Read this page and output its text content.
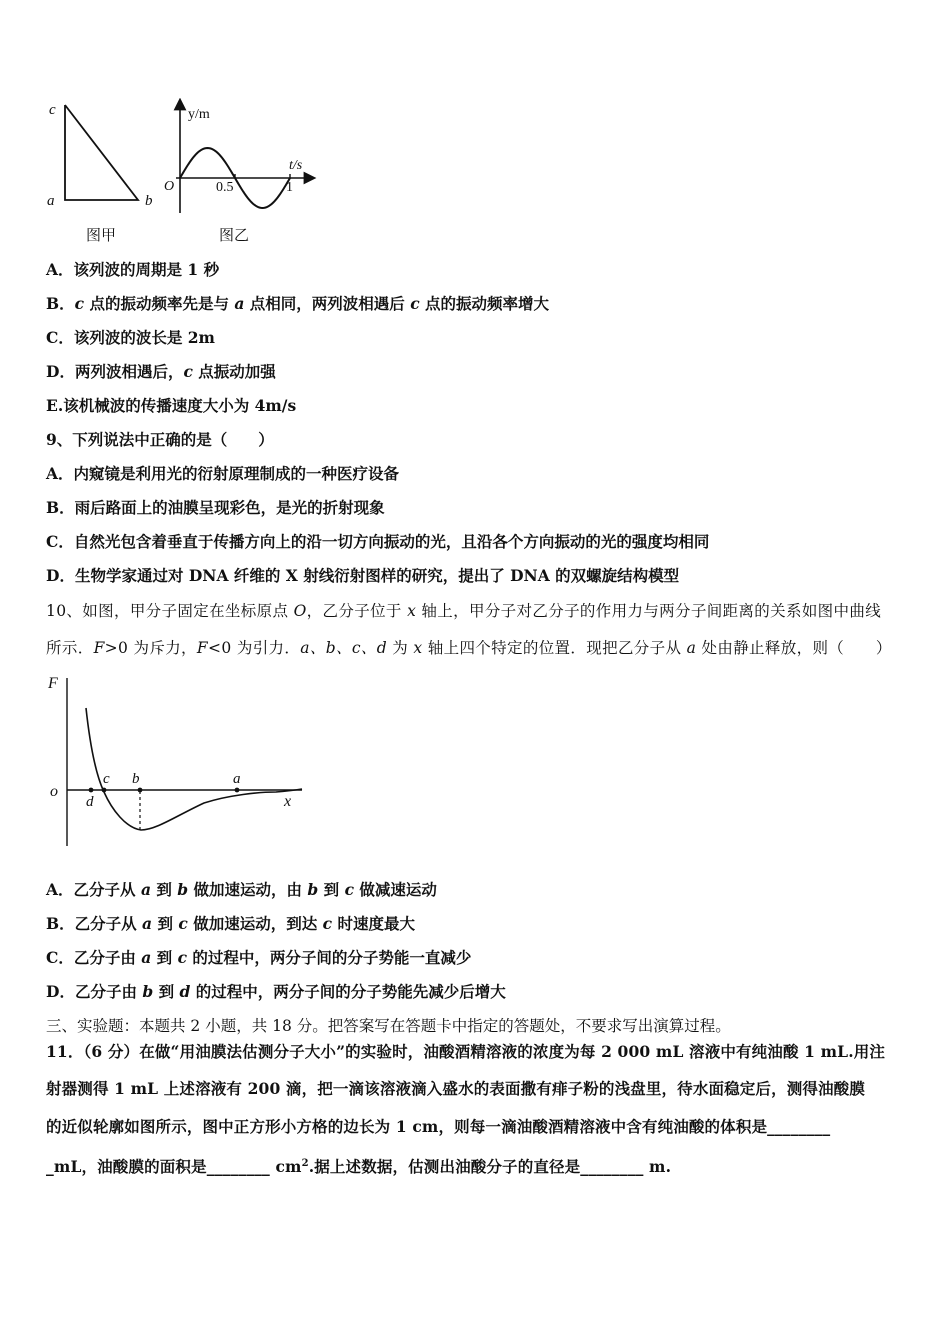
c
a	b
图甲
y/m
t/s
O	0.5	1
图乙
A．该列波的周期是 1 秒
B．c 点的振动频率先是与 a 点相同，两列波相遇后 c 点的振动频率增大
C．该列波的波长是 2m
D．两列波相遇后，c 点振动加强
E.该机械波的传播速度大小为 4m/s
9、下列说法中正确的是（　　）
A．内窥镜是利用光的衍射原理制成的一种医疗设备
B．雨后路面上的油膜呈现彩色，是光的折射现象
C．自然光包含着垂直于传播方向上的沿一切方向振动的光，且沿各个方向振动的光的强度均相同
D．生物学家通过对 DNA 纤维的 X 射线衍射图样的研究，提出了 DNA 的双螺旋结构模型
10、如图，甲分子固定在坐标原点 O，乙分子位于 x 轴上，甲分子对乙分子的作用力与两分子间距离的关系如图中曲线
所示．F>0 为斥力，F<0 为引力．a、b、c、d 为 x 轴上四个特定的位置．现把乙分子从 a 处由静止释放，则（　　）
F
o
x
c b	a
d
A．乙分子从 a 到 b 做加速运动，由 b 到 c 做减速运动
B．乙分子从 a 到 c 做加速运动，到达 c 时速度最大
C．乙分子由 a 到 c 的过程中，两分子间的分子势能一直减少
D．乙分子由 b 到 d 的过程中，两分子间的分子势能先减少后增大
三、实验题：本题共 2 小题，共 18 分。把答案写在答题卡中指定的答题处，不要求写出演算过程。
11．（6 分）在做“用油膜法估测分子大小”的实验时，油酸酒精溶液的浓度为每 2 000 mL 溶液中有纯油酸 1 mL.用注
射器测得 1 mL 上述溶液有 200 滴，把一滴该溶液滴入盛水的表面撒有痱子粉的浅盘里，待水面稳定后，测得油酸膜
的近似轮廓如图所示，图中正方形小方格的边长为 1 cm，则每一滴油酸酒精溶液中含有纯油酸的体积是________
_mL，油酸膜的面积是________ $cm^2$.据上述数据，估测出油酸分子的直径是________ m.
